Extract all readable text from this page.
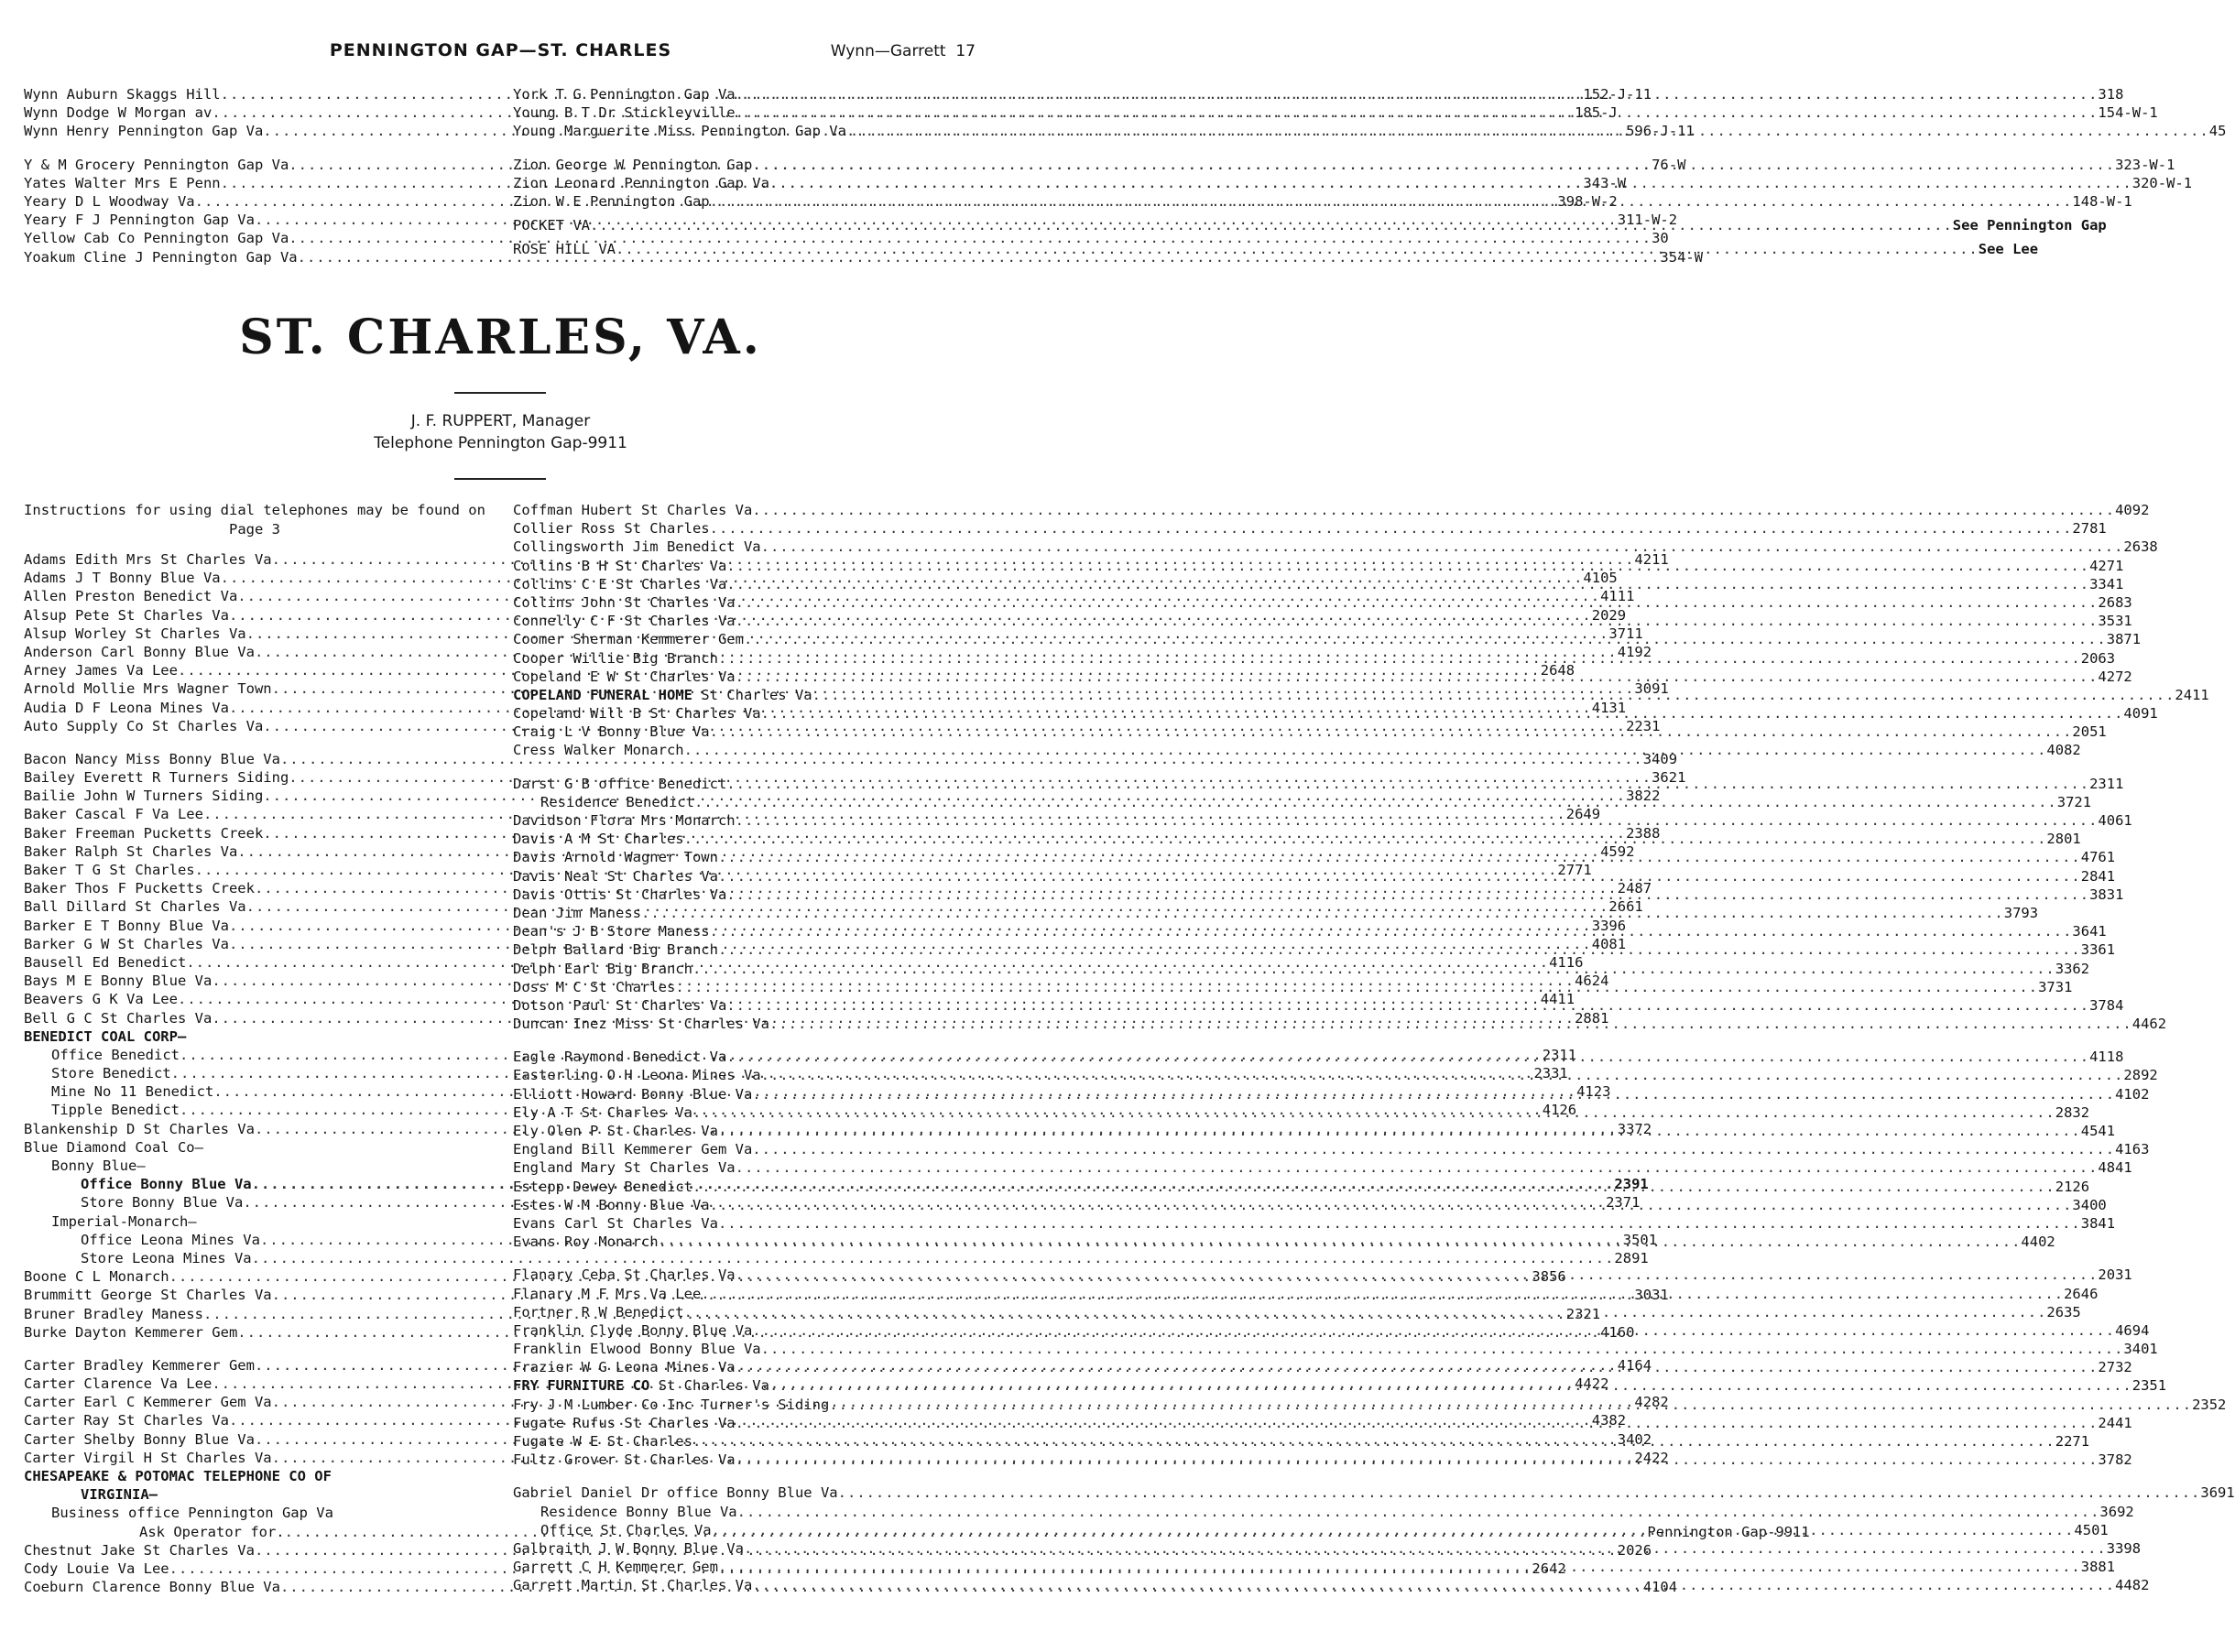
PENNINGTON GAP—ST. CHARLES	Wynn—Garrett 17
Wynn Auburn Skaggs Hill .....	152-J-11
Wynn Dodge W Morgan av .....	185-J
Wynn Henry Pennington Gap Va .....	596-J-11
Y & M Grocery Pennington Gap Va .....	76-W
Yates Walter Mrs E Penn .....	343-W
Yeary D L Woodway Va .....	398-W-2
Yeary F J Pennington Gap Va .....	311-W-2
Yellow Cab Co Pennington Gap Va .....	30
Yoakum Cline J Pennington Gap Va .....	354-W
York T G Pennington Gap Va .....	318
Young B T Dr Stickleyville .....	154-W-1
Young Marguerite Miss Pennington Gap Va .....	45
Zion George W Pennington Gap .....	323-W-1
Zion Leonard Pennington Gap Va .....	320-W-1
Zion W E Pennington Gap .....	148-W-1
POCKET VA .....	See Pennington Gap
ROSE HILL VA .....	See Lee
ST. CHARLES, VA.
J. F. RUPPERT, Manager
Telephone Pennington Gap-9911
Instructions for using dial telephones may be found on
Page 3
Adams Edith Mrs St Charles Va .....	4211
Adams J T Bonny Blue Va .....	4105
Allen Preston Benedict Va .....	4111
Alsup Pete St Charles Va .....	2029
Alsup Worley St Charles Va .....	3711
Anderson Carl Bonny Blue Va .....	4192
Arney James Va Lee .....	2648
Arnold Mollie Mrs Wagner Town .....	3091
Audia D F Leona Mines Va .....	4131
Auto Supply Co St Charles Va .....	2231
Bacon Nancy Miss Bonny Blue Va .....	3409
Bailey Everett R Turners Siding .....	3621
Bailie John W Turners Siding .....	3822
Baker Cascal F Va Lee .....	2649
Baker Freeman Pucketts Creek .....	2388
Baker Ralph St Charles Va .....	4592
Baker T G St Charles .....	2771
Baker Thos F Pucketts Creek .....	2487
Ball Dillard St Charles Va .....	2661
Barker E T Bonny Blue Va .....	3396
Barker G W St Charles Va .....	4081
Bausell Ed Benedict .....	4116
Bays M E Bonny Blue Va .....	4624
Beavers G K Va Lee .....	4411
Bell G C St Charles Va .....	2881
BENEDICT COAL CORP—
Office Benedict .....	2311
Store Benedict .....	2331
Mine No 11 Benedict .....	4123
Tipple Benedict .....	4126
Blankenship D St Charles Va .....	3372
Blue Diamond Coal Co—
Bonny Blue—
Office Bonny Blue Va .....	2391
Store Bonny Blue Va .....	2371
Imperial-Monarch—
Office Leona Mines Va .....	3501
Store Leona Mines Va .....	2891
Boone C L Monarch .....	3856
Brummitt George St Charles Va .....	3031
Bruner Bradley Maness .....	2321
Burke Dayton Kemmerer Gem .....	4160
Carter Bradley Kemmerer Gem .....	4164
Carter Clarence Va Lee .....	4422
Carter Earl C Kemmerer Gem Va .....	4282
Carter Ray St Charles Va .....	4382
Carter Shelby Bonny Blue Va .....	3402
Carter Virgil H St Charles Va .....	2422
CHESAPEAKE & POTOMAC TELEPHONE CO OF
VIRGINIA—
Business office Pennington Gap Va
Ask Operator for. .....	Pennington Gap-9911
Chestnut Jake St Charles Va .....	2026
Cody Louie Va Lee .....	2642
Coeburn Clarence Bonny Blue Va .....	4104
Coffman Hubert St Charles Va .....	4092
Collier Ross St Charles .....	2781
Collingsworth Jim Benedict Va .....	2638
Collins B H St Charles Va .....	4271
Collins C E St Charles Va .....	3341
Collins John St Charles Va .....	2683
Connelly C F St Charles Va .....	3531
Coomer Sherman Kemmerer Gem .....	3871
Cooper Willie Big Branch .....	2063
Copeland E W St Charles Va .....	4272
COPELAND FUNERAL HOME St Charles Va .....	2411
Copeland Will B St Charles Va .....	4091
Craig L V Bonny Blue Va .....	2051
Cress Walker Monarch .....	4082
Darst G B office Benedict .....	2311
Residence Benedict .....	3721
Davidson Flora Mrs Monarch .....	4061
Davis A M St Charles .....	2801
Davis Arnold Wagner Town .....	4761
Davis Neal St Charles Va .....	2841
Davis Ottis St Charles Va .....	3831
Dean Jim Maness .....	3793
Dean's J B Store Maness .....	3641
Delph Ballard Big Branch .....	3361
Delph Earl Big Branch .....	3362
Doss M C St Charles .....	3731
Dotson Paul St Charles Va .....	3784
Duncan Inez Miss St Charles Va .....	4462
Eagle Raymond Benedict Va .....	4118
Easterling O H Leona Mines Va .....	2892
Elliott Howard Bonny Blue Va .....	4102
Ely A T St Charles Va .....	2832
Ely Olen P St Charles Va .....	4541
England Bill Kemmerer Gem Va .....	4163
England Mary St Charles Va .....	4841
Estepp Dewey Benedict .....	2126
Estes W M Bonny Blue Va .....	3400
Evans Carl St Charles Va .....	3841
Evans Roy Monarch .....	4402
Flanary Ceba St Charles Va .....	2031
Flanary M F Mrs Va Lee .....	2646
Fortner R W Benedict .....	2635
Franklin Clyde Bonny Blue Va .....	4694
Franklin Elwood Bonny Blue Va .....	3401
Frazier W G Leona Mines Va .....	2732
FRY FURNITURE CO St Charles Va .....	2351
Fry J M Lumber Co Inc Turner's Siding .....	2352
Fugate Rufus St Charles Va .....	2441
Fugate W E St Charles .....	2271
Fultz Grover St Charles Va .....	3782
Gabriel Daniel Dr office Bonny Blue Va .....	3691
Residence Bonny Blue Va .....	3692
Office St Charles Va .....	4501
Galbraith J W Bonny Blue Va .....	3398
Garrett C H Kemmerer Gem .....	3881
Garrett Martin St Charles Va .....	4482
